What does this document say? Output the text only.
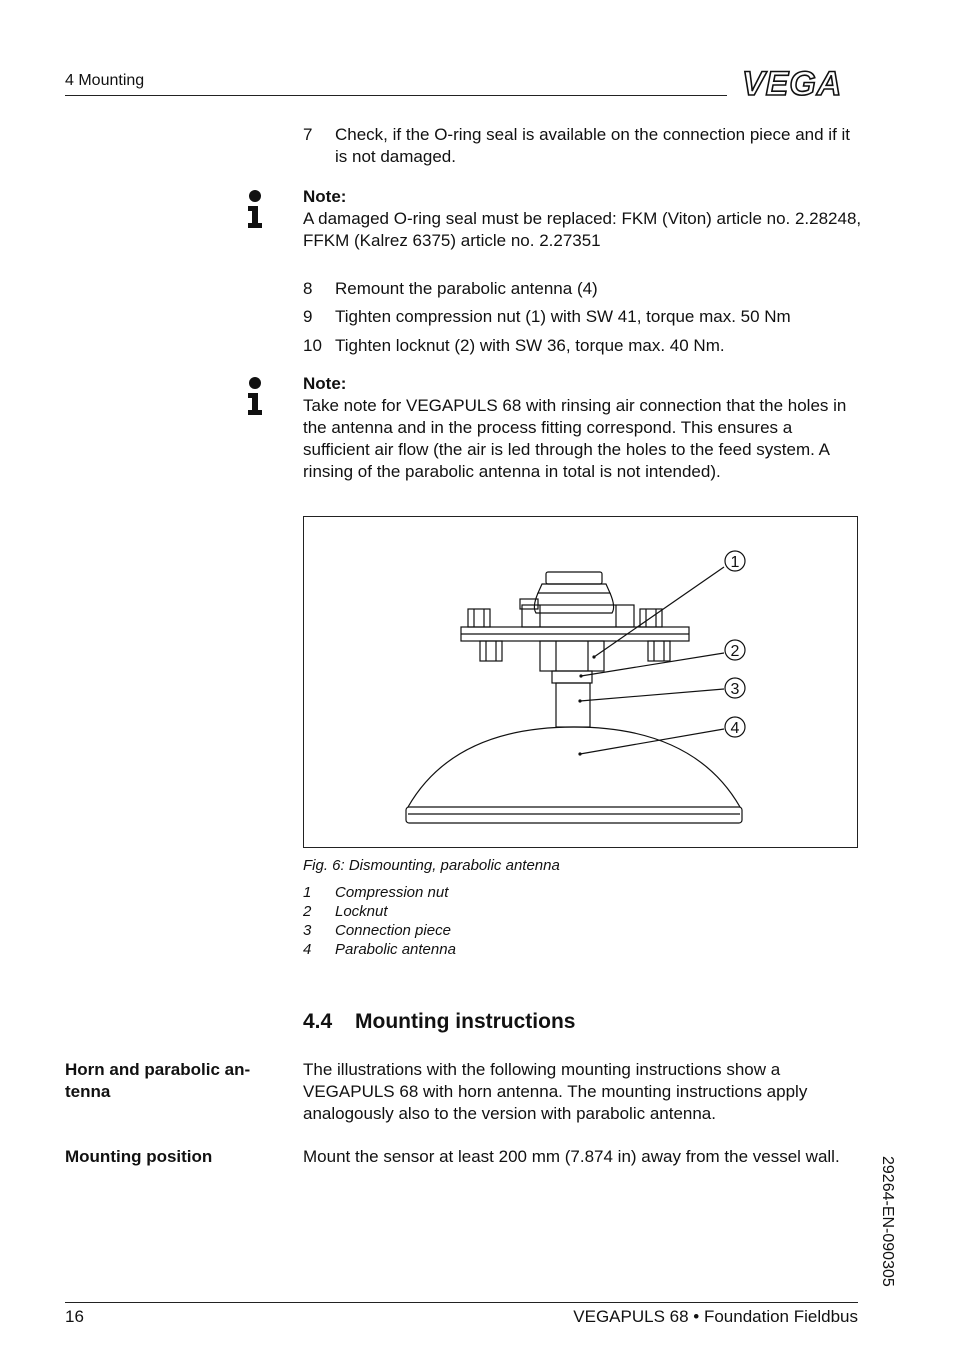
4 Mounting	VEGA
7 Check, if the O-ring seal is available on the connection piece and if it is not damaged.
Note:
A damaged O-ring seal must be replaced: FKM (Viton) article no. 2.28248, FFKM (Kalrez 6375) article no. 2.27351
8 Remount the parabolic antenna (4)
9 Tighten compression nut (1) with SW 41, torque max. 50 Nm
10 Tighten locknut (2) with SW 36, torque max. 40 Nm.
Note:
Take note for VEGAPULS 68 with rinsing air connection that the holes in the antenna and in the process fitting correspond. This ensures a sufficient air flow (the air is led through the holes to the feed system. A rinsing of the parabolic antenna in total is not intended).
1
2
3
4
Fig. 6: Dismounting, parabolic antenna
1 Compression nut
2 Locknut
3 Connection piece
4 Parabolic antenna
4.4 Mounting instructions
Horn and parabolic an-
tenna
The illustrations with the following mounting instructions show a VEGAPULS 68 with horn antenna. The mounting instructions apply analogously also to the version with parabolic antenna.
Mounting position	Mount the sensor at least 200 mm (7.874 in) away from the vessel wall.	29264-EN-090305
16	VEGAPULS 68 • Foundation Fieldbus
